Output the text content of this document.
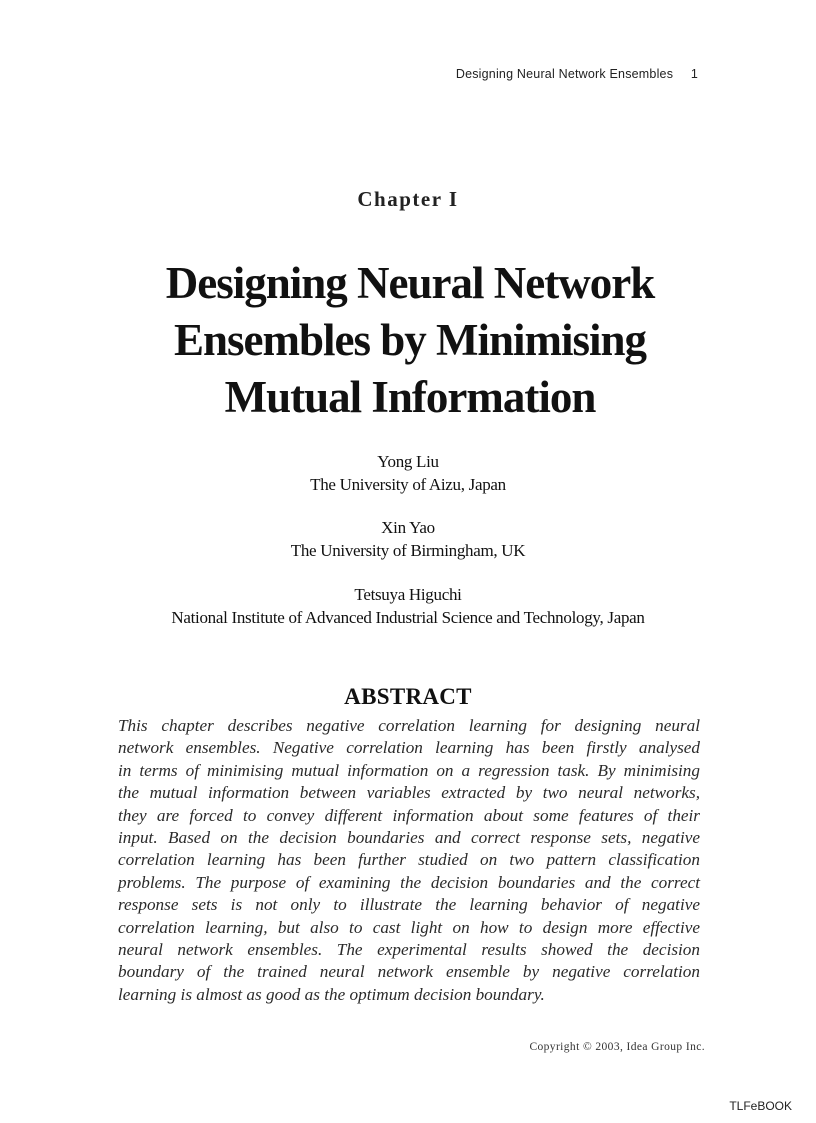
Designing Neural Network Ensembles 1
Chapter I
Designing Neural Network
Ensembles by Minimising
Mutual Information
Yong Liu
The University of Aizu, Japan
Xin Yao
The University of Birmingham, UK
Tetsuya Higuchi
National Institute of Advanced Industrial Science and Technology, Japan
ABSTRACT
This chapter describes negative correlation learning for designing neural
network ensembles. Negative correlation learning has been firstly analysed
in terms of minimising mutual information on a regression task. By minimising
the mutual information between variables extracted by two neural networks,
they are forced to convey different information about some features of their
input. Based on the decision boundaries and correct response sets, negative
correlation learning has been further studied on two pattern classification
problems. The purpose of examining the decision boundaries and the correct
response sets is not only to illustrate the learning behavior of negative
correlation learning, but also to cast light on how to design more effective
neural network ensembles. The experimental results showed the decision
boundary of the trained neural network ensemble by negative correlation
learning is almost as good as the optimum decision boundary.
Copyright © 2003, Idea Group Inc.
TLFeBOOK
